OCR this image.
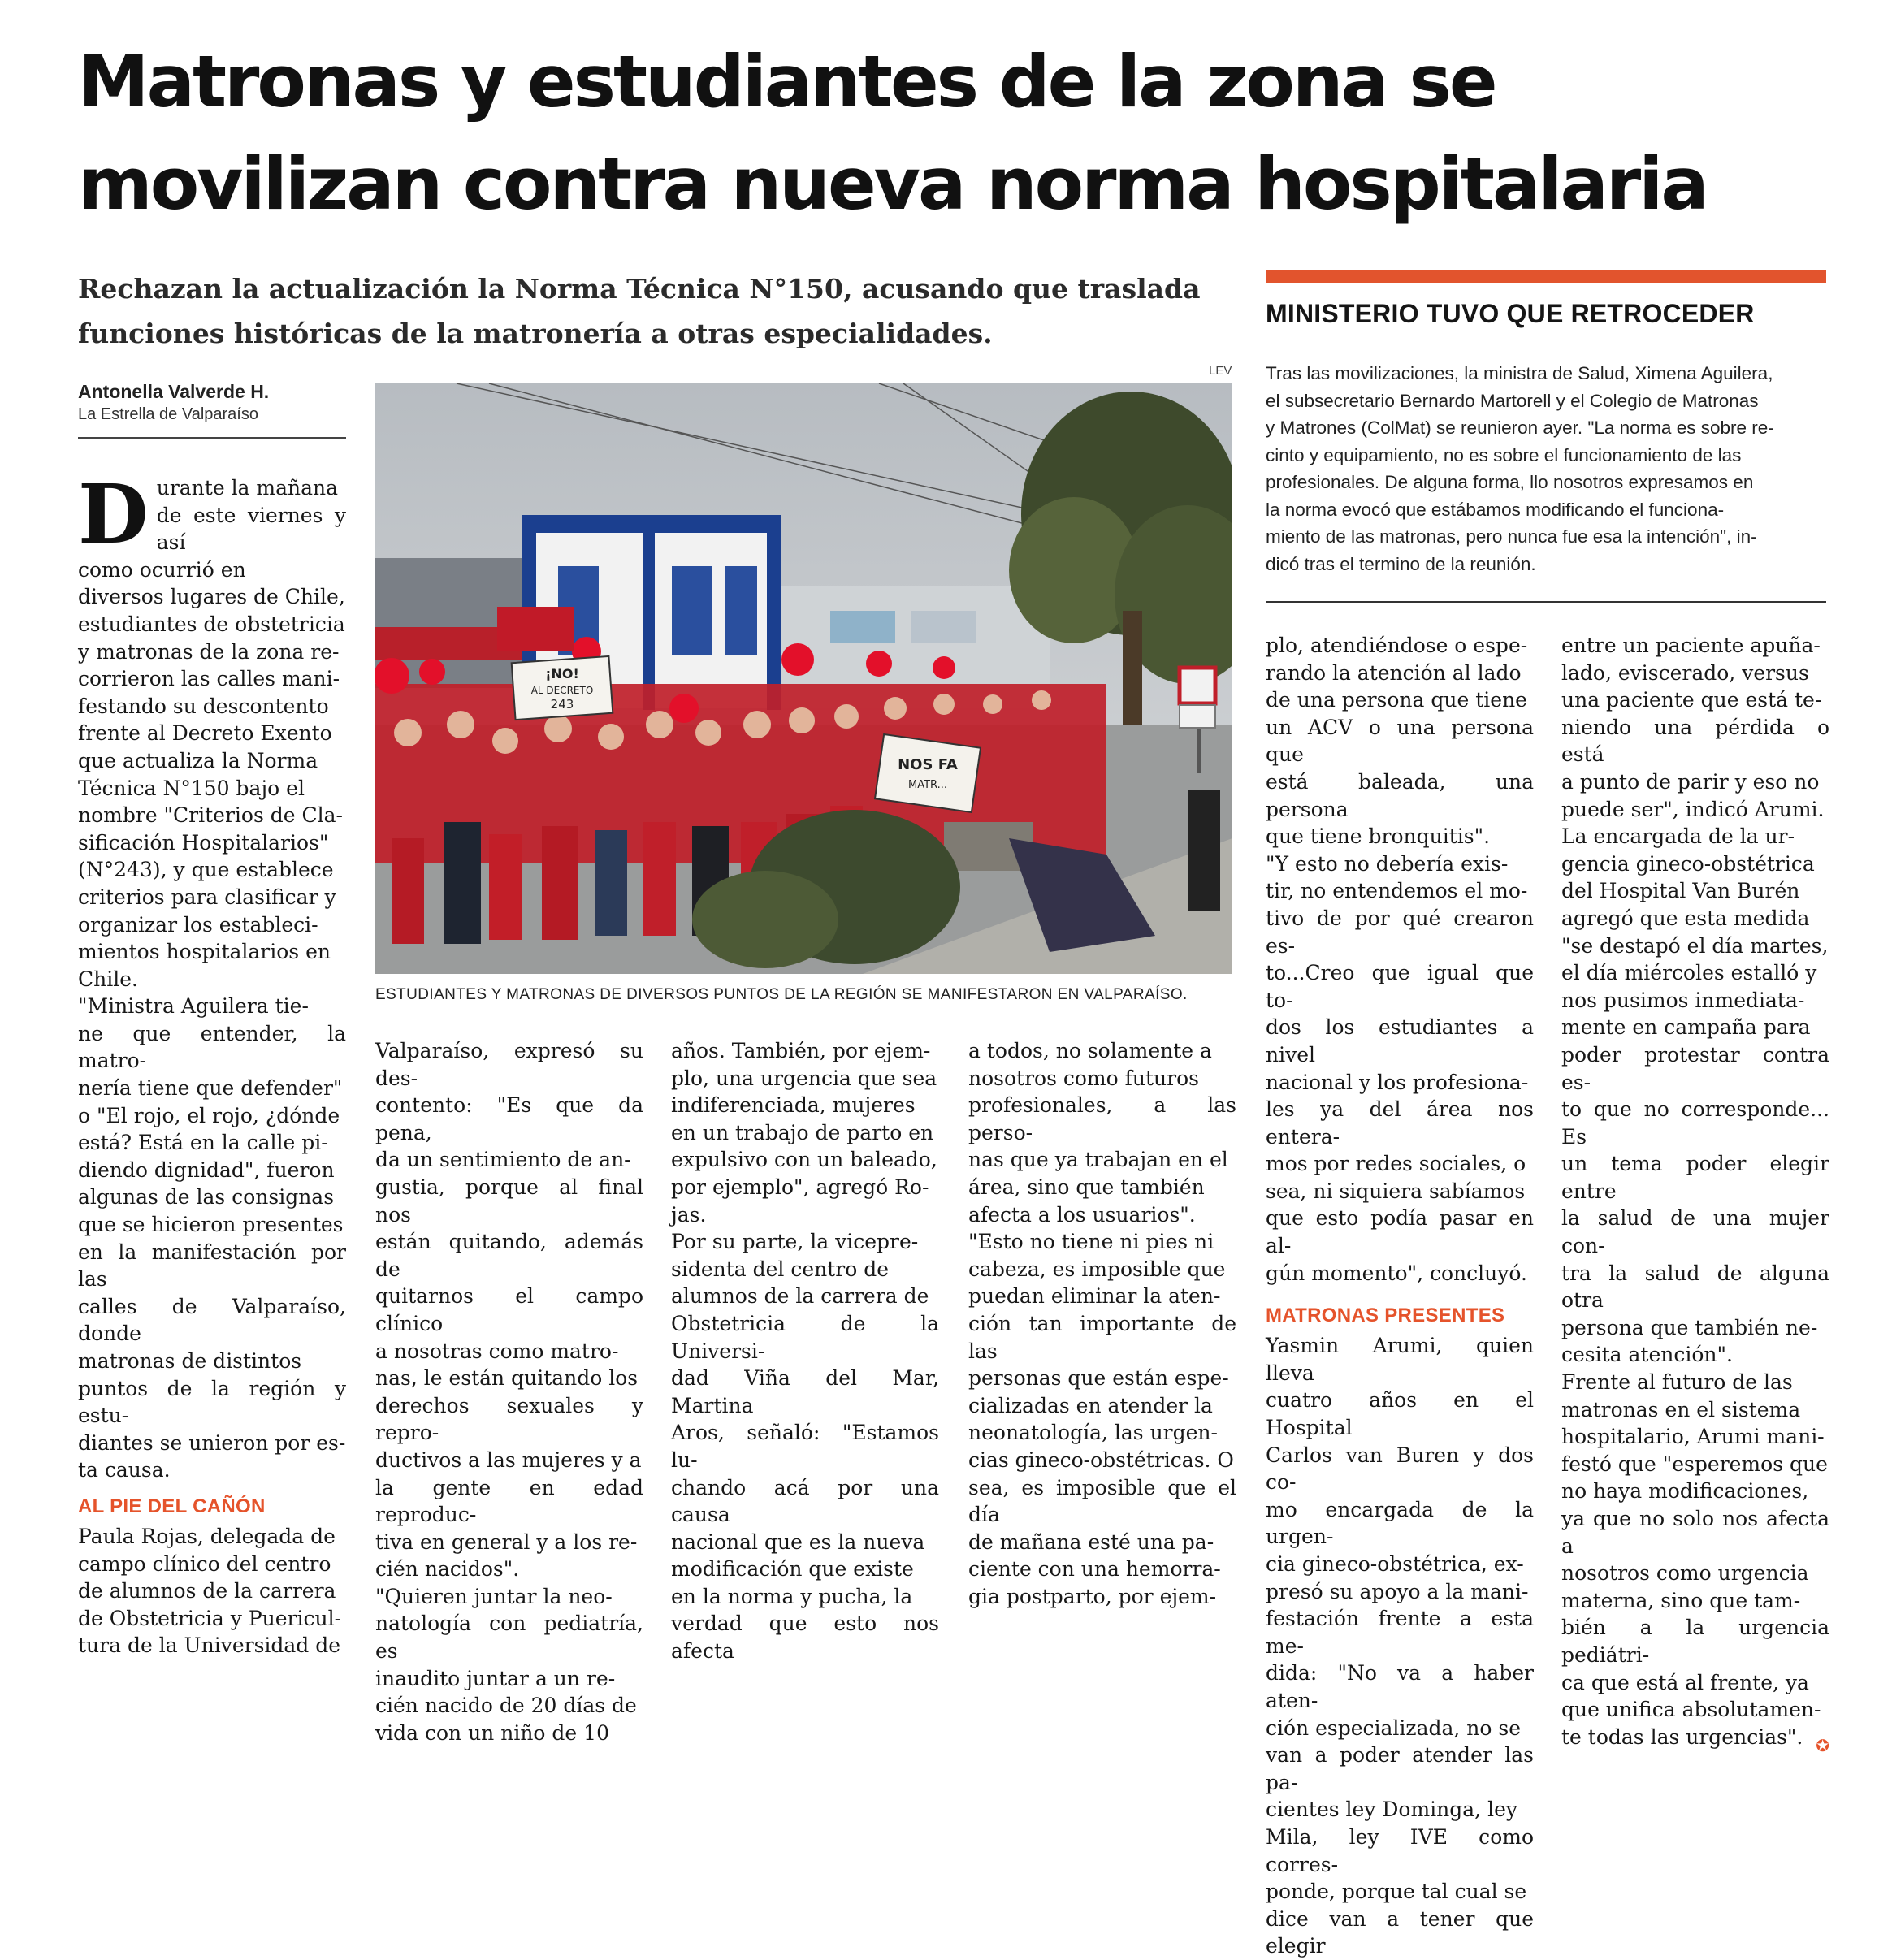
Matronas y estudiantes de la zona se movilizan contra nueva norma hospitalaria

Rechazan la actualización la Norma Técnica N°150, acusando que traslada funciones históricas de la matronería a otras especialidades.

Antonella Valverde H.
La Estrella de Valparaíso
LEV
¡NO!
AL DECRETO
243
NOS FA
MATR...
ESTUDIANTES Y MATRONAS DE DIVERSOS PUNTOS DE LA REGIÓN SE MANIFESTARON EN VALPARAÍSO.
D urante la mañana
de este viernes y así
como ocurrió en
diversos lugares de Chile,
estudiantes de obstetricia
y matronas de la zona re-
corrieron las calles mani-
festando su descontento
frente al Decreto Exento
que actualiza la Norma
Técnica N°150 bajo el
nombre "Criterios de Cla-
sificación Hospitalarios"
(N°243), y que establece
criterios para clasificar y
organizar los estableci-
mientos hospitalarios en
Chile.
"Ministra Aguilera tie-
ne que entender, la matro-
nería tiene que defender"
o "El rojo, el rojo, ¿dónde
está? Está en la calle pi-
diendo dignidad", fueron
algunas de las consignas
que se hicieron presentes
en la manifestación por las
calles de Valparaíso, donde
matronas de distintos
puntos de la región y estu-
diantes se unieron por es-
ta causa.
AL PIE DEL CAÑÓN
Paula Rojas, delegada de
campo clínico del centro
de alumnos de la carrera
de Obstetricia y Puericul-
tura de la Universidad de
Valparaíso, expresó su des-
contento: "Es que da pena,
da un sentimiento de an-
gustia, porque al final nos
están quitando, además de
quitarnos el campo clínico
a nosotras como matro-
nas, le están quitando los
derechos sexuales y repro-
ductivos a las mujeres y a
la gente en edad reproduc-
tiva en general y a los re-
cién nacidos".
"Quieren juntar la neo-
natología con pediatría, es
inaudito juntar a un re-
cién nacido de 20 días de
vida con un niño de 10
años. También, por ejem-
plo, una urgencia que sea
indiferenciada, mujeres
en un trabajo de parto en
expulsivo con un baleado,
por ejemplo", agregó Ro-
jas.
Por su parte, la vicepre-
sidenta del centro de
alumnos de la carrera de
Obstetricia de la Universi-
dad Viña del Mar, Martina
Aros, señaló: "Estamos lu-
chando acá por una causa
nacional que es la nueva
modificación que existe
en la norma y pucha, la
verdad que esto nos afecta
a todos, no solamente a
nosotros como futuros
profesionales, a las perso-
nas que ya trabajan en el
área, sino que también
afecta a los usuarios".
"Esto no tiene ni pies ni
cabeza, es imposible que
puedan eliminar la aten-
ción tan importante de las
personas que están espe-
cializadas en atender la
neonatología, las urgen-
cias gineco-obstétricas. O
sea, es imposible que el día
de mañana esté una pa-
ciente con una hemorra-
gia postparto, por ejem-
plo, atendiéndose o espe-
rando la atención al lado
de una persona que tiene
un ACV o una persona que
está baleada, una persona
que tiene bronquitis".
"Y esto no debería exis-
tir, no entendemos el mo-
tivo de por qué crearon es-
to...Creo que igual que to-
dos los estudiantes a nivel
nacional y los profesiona-
les ya del área nos entera-
mos por redes sociales, o
sea, ni siquiera sabíamos
que esto podía pasar en al-
gún momento", concluyó.
MATRONAS PRESENTES
Yasmin Arumi, quien lleva
cuatro años en el Hospital
Carlos van Buren y dos co-
mo encargada de la urgen-
cia gineco-obstétrica, ex-
presó su apoyo a la mani-
festación frente a esta me-
dida: "No va a haber aten-
ción especializada, no se
van a poder atender las pa-
cientes ley Dominga, ley
Mila, ley IVE como corres-
ponde, porque tal cual se
dice van a tener que elegir
entre un paciente apuña-
lado, eviscerado, versus
una paciente que está te-
niendo una pérdida o está
a punto de parir y eso no
puede ser", indicó Arumi.
La encargada de la ur-
gencia gineco-obstétrica
del Hospital Van Burén
agregó que esta medida
"se destapó el día martes,
el día miércoles estalló y
nos pusimos inmediata-
mente en campaña para
poder protestar contra es-
to que no corresponde... Es
un tema poder elegir entre
la salud de una mujer con-
tra la salud de alguna otra
persona que también ne-
cesita atención".
Frente al futuro de las
matronas en el sistema
hospitalario, Arumi mani-
festó que "esperemos que
no haya modificaciones,
ya que no solo nos afecta a
nosotros como urgencia
materna, sino que tam-
bién a la urgencia pediátri-
ca que está al frente, ya
que unifica absolutamen-
te todas las urgencias". ✪
MINISTERIO TUVO QUE RETROCEDER
Tras las movilizaciones, la ministra de Salud, Ximena Aguilera,
el subsecretario Bernardo Martorell y el Colegio de Matronas
y Matrones (ColMat) se reunieron ayer. "La norma es sobre re-
cinto y equipamiento, no es sobre el funcionamiento de las
profesionales. De alguna forma, llo nosotros expresamos en
la norma evocó que estábamos modificando el funciona-
miento de las matronas, pero nunca fue esa la intención", in-
dicó tras el termino de la reunión.
